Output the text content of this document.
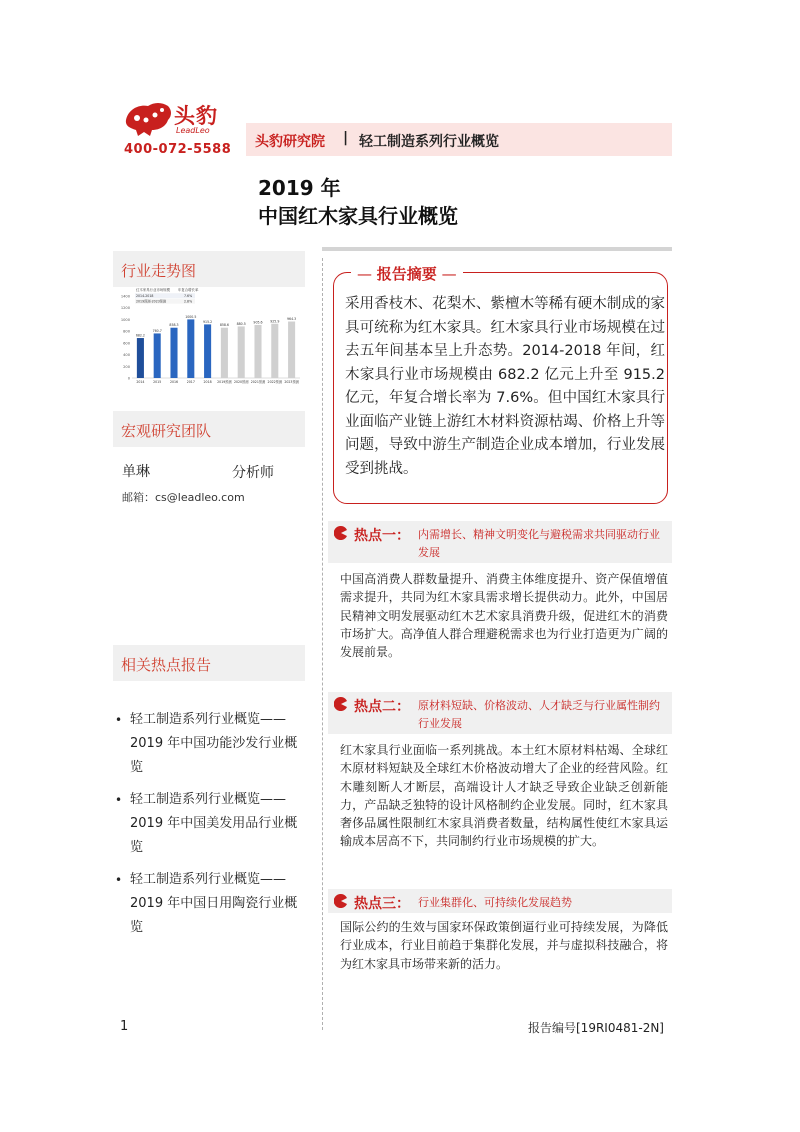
头豹
LeadLeo
400-072-5588 头豹研究院 | 轻工制造系列行业概览
2019 年
中国红木家具行业概览
行业走势图
0
200
400
600
800
1000
1200
1400
红木家具行业市场规模 年复合增长率
2014-2018	7.6%
2019预测-2023预测	2.8%
682.2
2014
760.7
2015
858.3
2016
1000.5
2017
915.2
2018
858.6
2019预测
880.5
2020预测
905.6
2021预测
925.9
2022预测
964.3
2023预测
宏观研究团队
单琳	分析师
邮箱：cs@leadleo.com
相关热点报告
• 轻工制造系列行业概览——
2019 年中国功能沙发行业概
览
• 轻工制造系列行业概览——
2019 年中国美发用品行业概
览
• 轻工制造系列行业概览——
2019 年中国日用陶瓷行业概
览
— 报告摘要 —
采用香枝木、花梨木、紫檀木等稀有硬木制成的家具可统称为红木家具。红木家具行业市场规模在过去五年间基本呈上升态势。2014-2018 年间，红木家具行业市场规模由 682.2 亿元上升至 915.2 亿元，年复合增长率为 7.6%。但中国红木家具行业面临产业链上游红木材料资源枯竭、价格上升等问题，导致中游生产制造企业成本增加，行业发展受到挑战。
热点一： 内需增长、精神文明变化与避税需求共同驱动行业发展
中国高消费人群数量提升、消费主体维度提升、资产保值增值需求提升，共同为红木家具需求增长提供动力。此外，中国居民精神文明发展驱动红木艺术家具消费升级，促进红木的消费市场扩大。高净值人群合理避税需求也为行业打造更为广阔的发展前景。
热点二： 原材料短缺、价格波动、人才缺乏与行业属性制约行业发展
红木家具行业面临一系列挑战。本土红木原材料枯竭、全球红木原材料短缺及全球红木价格波动增大了企业的经营风险。红木雕刻断人才断层，高端设计人才缺乏导致企业缺乏创新能力，产品缺乏独特的设计风格制约企业发展。同时，红木家具奢侈品属性限制红木家具消费者数量，结构属性使红木家具运输成本居高不下，共同制约行业市场规模的扩大。
热点三： 行业集群化、可持续化发展趋势
国际公约的生效与国家环保政策倒逼行业可持续发展，为降低行业成本，行业目前趋于集群化发展，并与虚拟科技融合，将为红木家具市场带来新的活力。
1	报告编号[19RI0481-2N]
